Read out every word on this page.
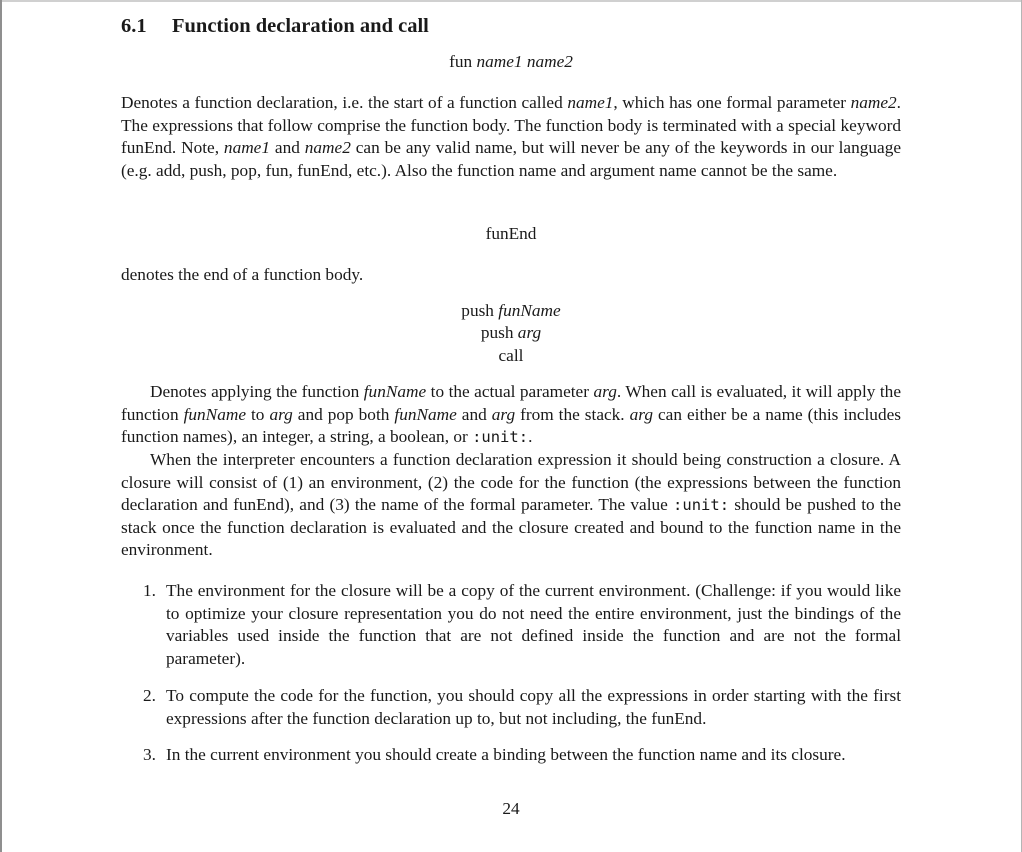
6.1 Function declaration and call
fun name1 name2

Denotes a function declaration, i.e. the start of a function called name1, which has one formal parameter name2. The expressions that follow comprise the function body. The function body is terminated with a special keyword funEnd. Note, name1 and name2 can be any valid name, but will never be any of the keywords in our language (e.g. add, push, pop, fun, funEnd, etc.). Also the function name and argument name cannot be the same.

funEnd

denotes the end of a function body.

push funName
push arg
call

Denotes applying the function funName to the actual parameter arg. When call is evaluated, it will apply the function funName to arg and pop both funName and arg from the stack. arg can either be a name (this includes function names), an integer, a string, a boolean, or :unit:.

When the interpreter encounters a function declaration expression it should being construction a closure. A closure will consist of (1) an environment, (2) the code for the function (the expressions between the function declaration and funEnd), and (3) the name of the formal parameter. The value :unit: should be pushed to the stack once the function declaration is evaluated and the closure created and bound to the function name in the environment.

1. The environment for the closure will be a copy of the current environment. (Challenge: if you would like to optimize your closure representation you do not need the entire environment, just the bindings of the variables used inside the function that are not defined inside the function and are not the formal parameter).
2. To compute the code for the function, you should copy all the expressions in order starting with the first expressions after the function declaration up to, but not including, the funEnd.
3. In the current environment you should create a binding between the function name and its closure.
24
